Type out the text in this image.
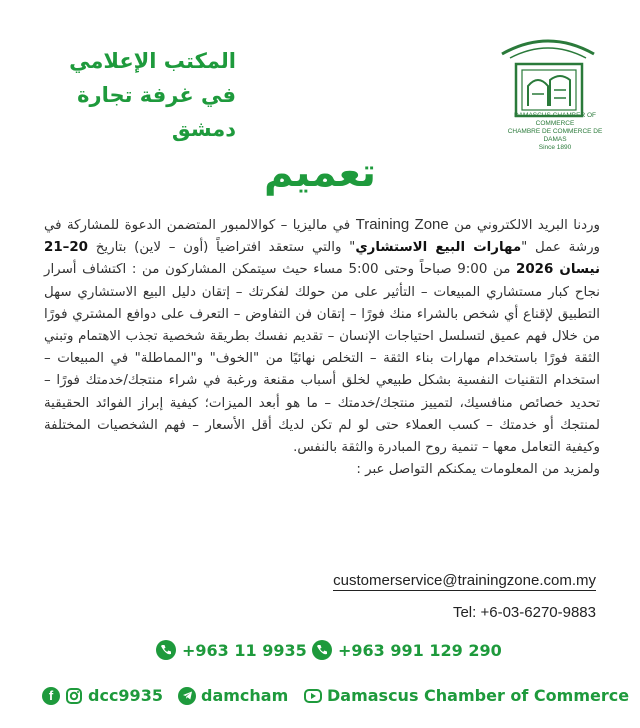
المكتب الإعلامي
في غرفة تجارة دمشق
DAMASCUS CHAMBER OF COMMERCE
CHAMBRE DE COMMERCE DE DAMAS
Since 1890
تعميم

وردنا البريد الالكتروني من Training Zone في ماليزيا – كوالالمبور المتضمن الدعوة للمشاركة في ورشة عمل "مهارات البيع الاستشاري" والتي ستعقد افتراضياً (أون – لاين) بتاريخ 20–21 نيسان 2026 من 9:00 صباحاً وحتى 5:00 مساء حيث سيتمكن المشاركون من : اكتشاف أسرار نجاح كبار مستشاري المبيعات – التأثير على من حولك لفكرتك – إتقان دليل البيع الاستشاري سهل التطبيق لإقناع أي شخص بالشراء منك فورًا – إتقان فن التفاوض – التعرف على دوافع المشتري فورًا من خلال فهم عميق لتسلسل احتياجات الإنسان – تقديم نفسك بطريقة شخصية تجذب الاهتمام وتبني الثقة فورًا باستخدام مهارات بناء الثقة – التخلص نهائيًا من "الخوف" و"المماطلة" في المبيعات – استخدام التقنيات النفسية بشكل طبيعي لخلق أسباب مقنعة ورغبة في شراء منتجك/خدمتك فورًا – تحديد خصائص منافسيك، لتمييز منتجك/خدمتك – ما هو أبعد الميزات؛ كيفية إبراز الفوائد الحقيقية لمنتجك أو خدمتك – كسب العملاء حتى لو لم تكن لديك أقل الأسعار – فهم الشخصيات المختلفة وكيفية التعامل معها – تنمية روح المبادرة والثقة بالنفس.

ولمزيد من المعلومات يمكنكم التواصل عبر :

customerservice@trainingzone.com.my
Tel: +6-03-6270-9883
+963 991 129 290
+963 11 9935
f dcc9935 damcham Damascus Chamber of Commerce
